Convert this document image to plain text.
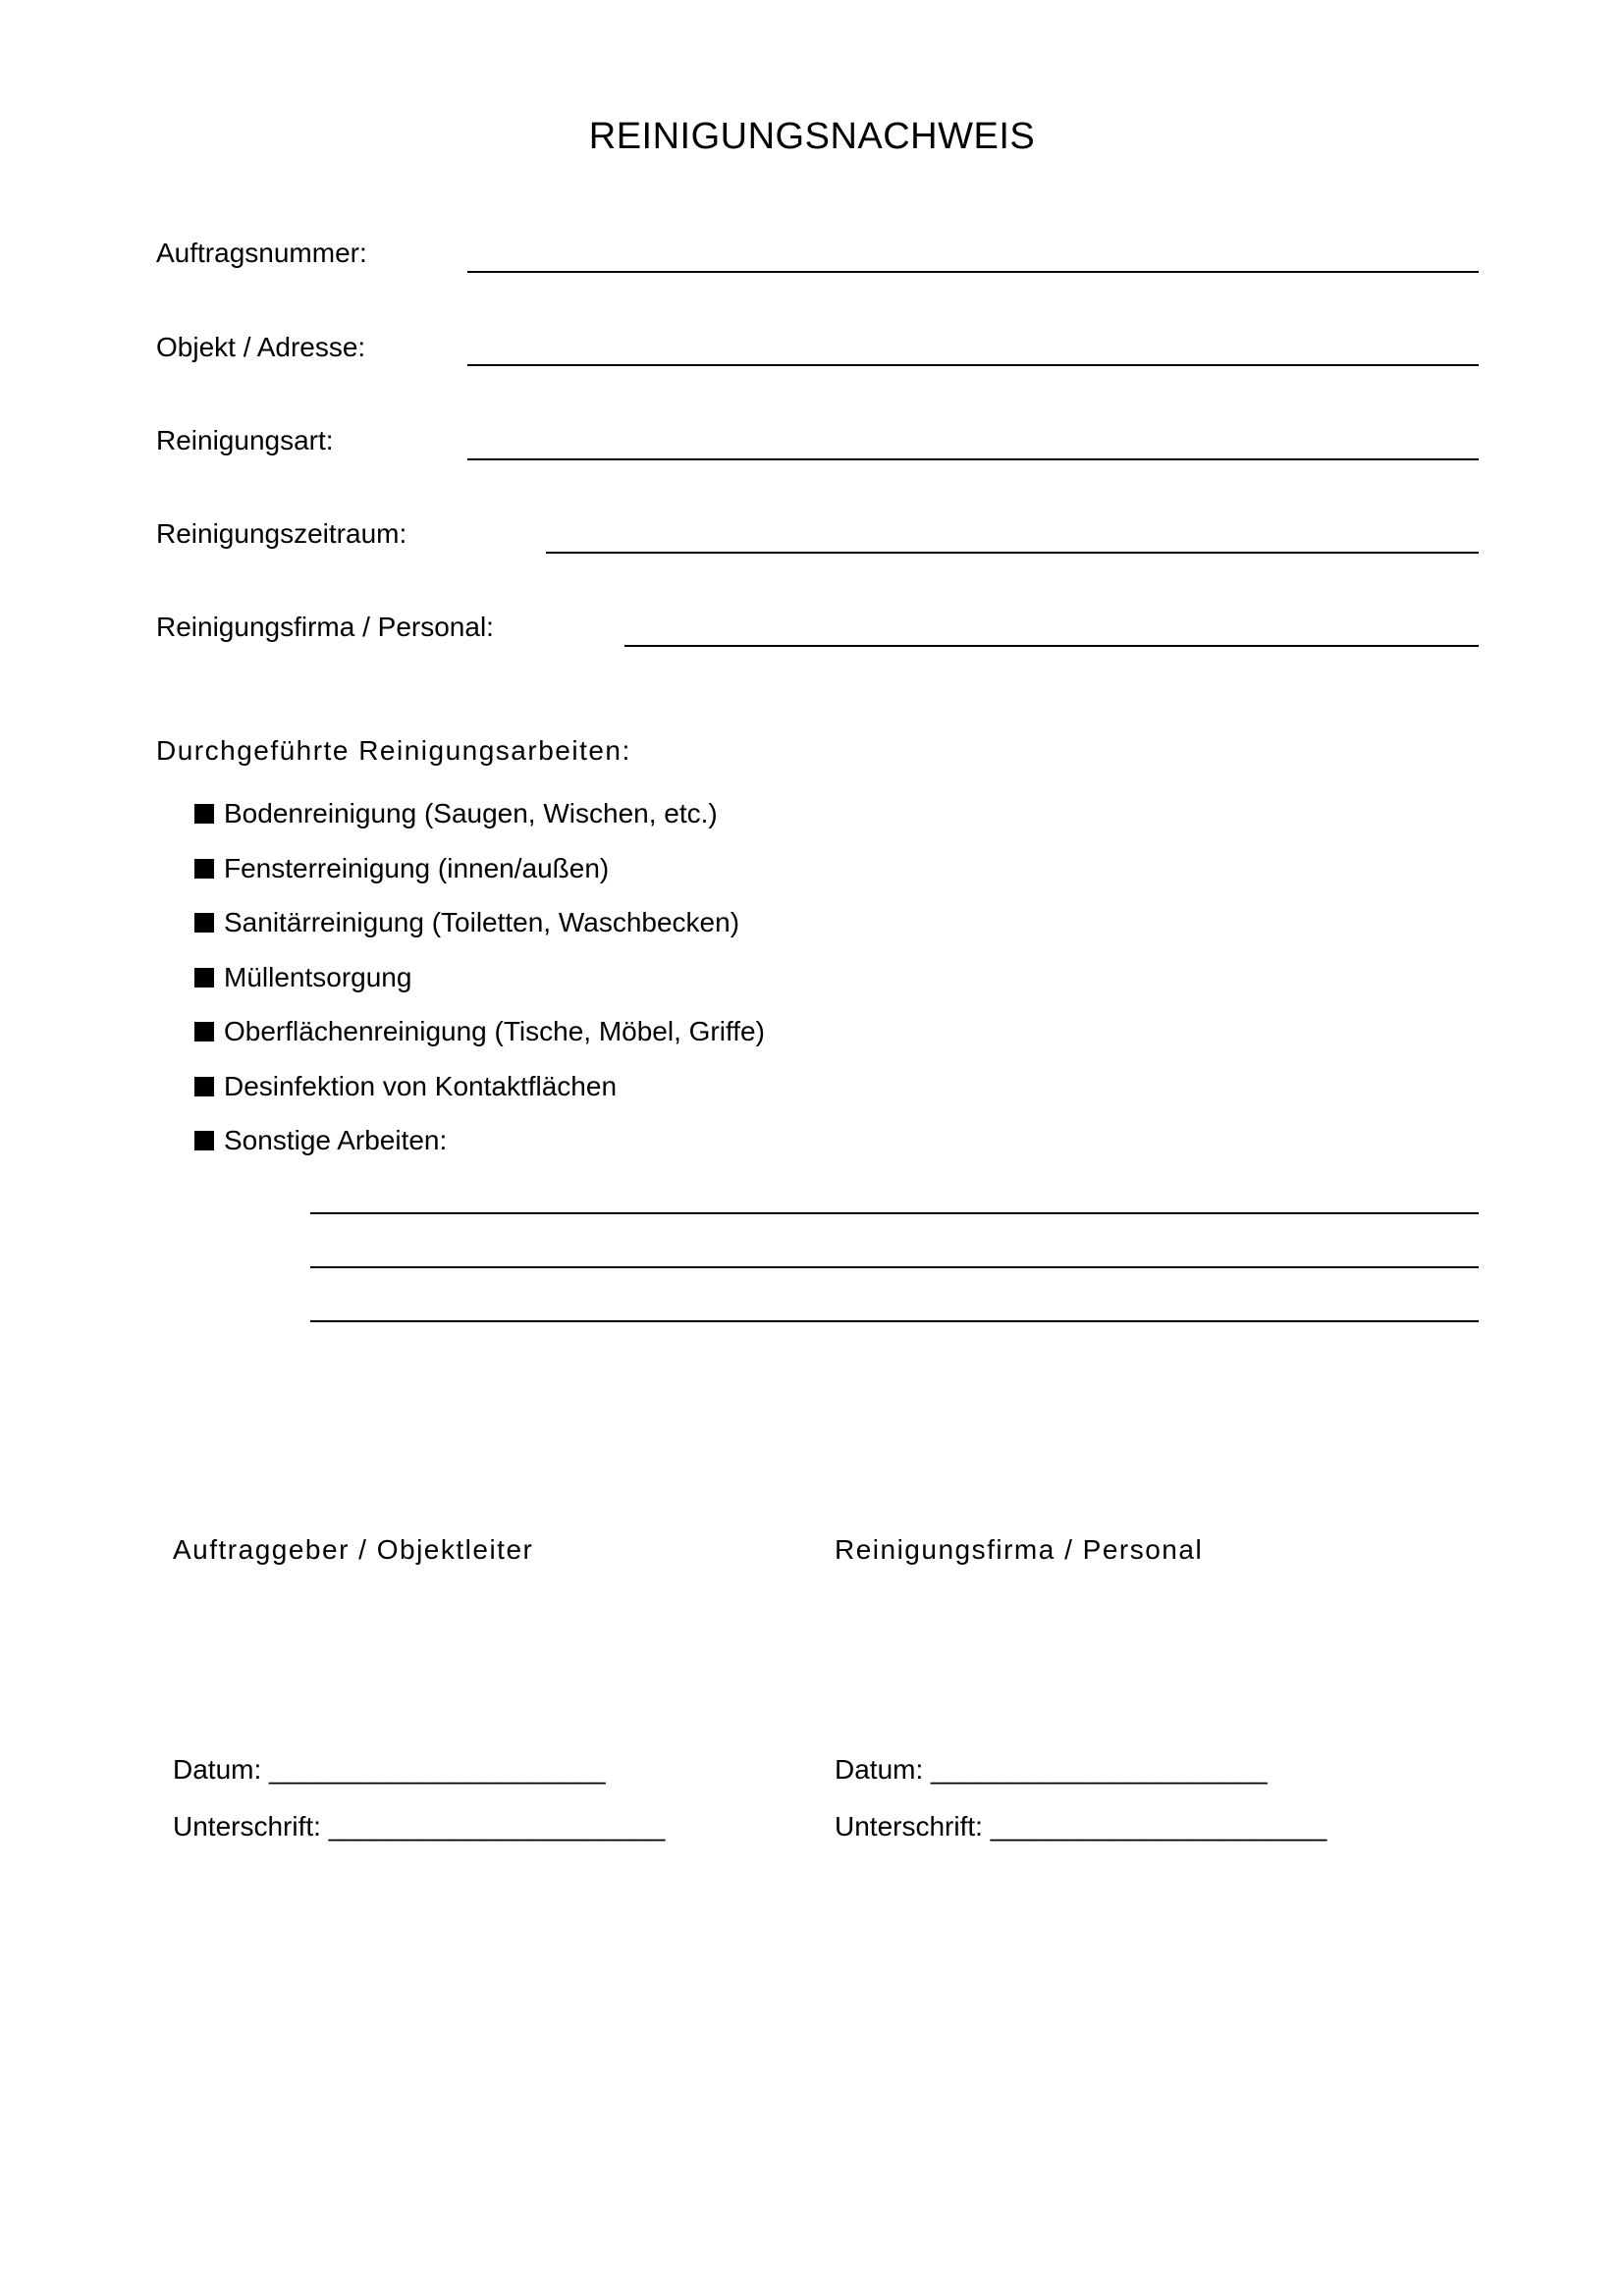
REINIGUNGSNACHWEIS
Auftragsnummer:
Objekt / Adresse:
Reinigungsart:
Reinigungszeitraum:
Reinigungsfirma / Personal:
Durchgeführte Reinigungsarbeiten:
Bodenreinigung (Saugen, Wischen, etc.)
Fensterreinigung (innen/außen)
Sanitärreinigung (Toiletten, Waschbecken)
Müllentsorgung
Oberflächenreinigung (Tische, Möbel, Griffe)
Desinfektion von Kontaktflächen
Sonstige Arbeiten:
Auftraggeber / Objektleiter	Reinigungsfirma / Personal
Datum: ______________________	Datum: ______________________
Unterschrift: ______________________	Unterschrift: ______________________
